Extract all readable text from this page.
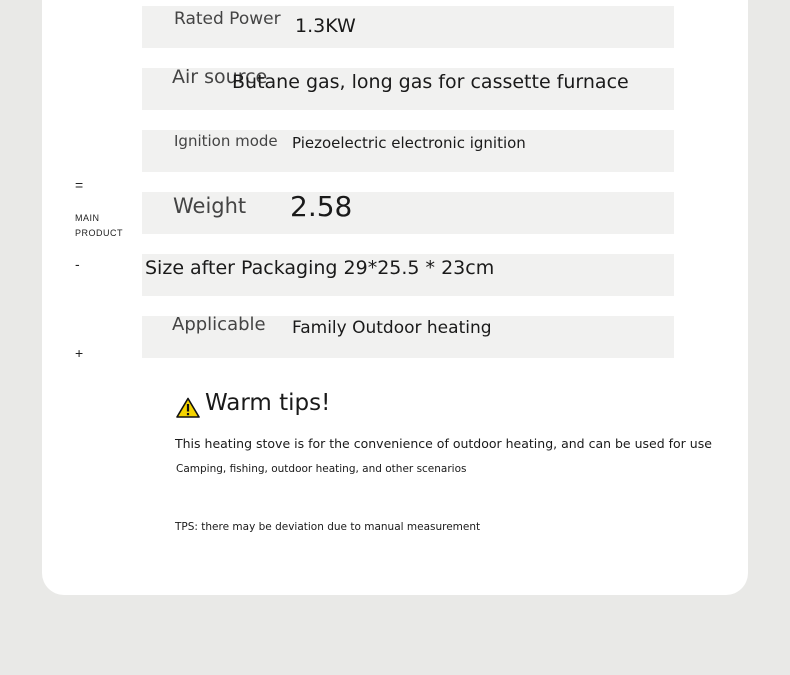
=
MAIN
PRODUCT
-
+
Rated Power 1.3KW
Air source
Butane gas, long gas for cassette furnace
Ignition mode Piezoelectric electronic ignition
Weight 2.58
Size after Packaging 29*25.5 * 23cm
Applicable Family Outdoor heating
Warm tips!
This heating stove is for the convenience of outdoor heating, and can be used for use
Camping, fishing, outdoor heating, and other scenarios
TPS: there may be deviation due to manual measurement
